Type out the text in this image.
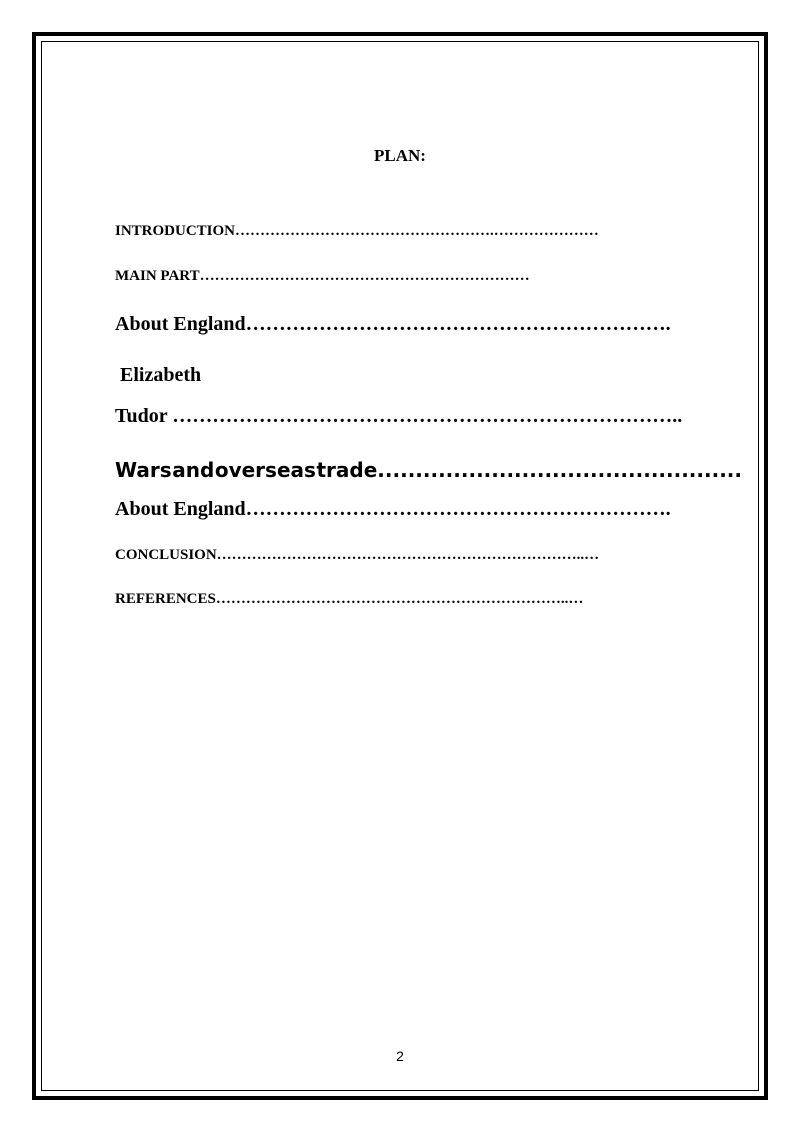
PLAN:
INTRODUCTION…………………………………………….…………………
MAIN PART…………………………………………………………
About England……………………………………………………….
Elizabeth
Tudor …………………………………………………………………..
Wars and overseas trade................................................
About England……………………………………………………….
CONCLUSION………………………………………………………………..…
REFERENCES……………………………………………………………..…
2
